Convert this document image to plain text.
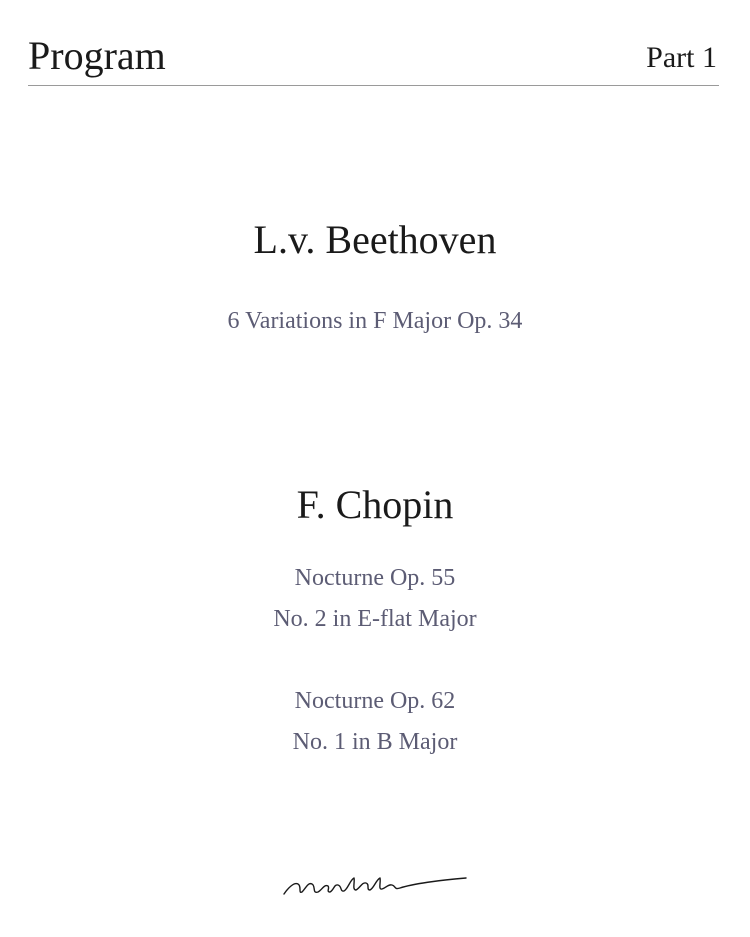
Program	Part 1
L.v. Beethoven
6 Variations in F Major Op. 34
F. Chopin
Nocturne Op. 55
No. 2 in E-flat Major
Nocturne Op. 62
No. 1 in B Major
